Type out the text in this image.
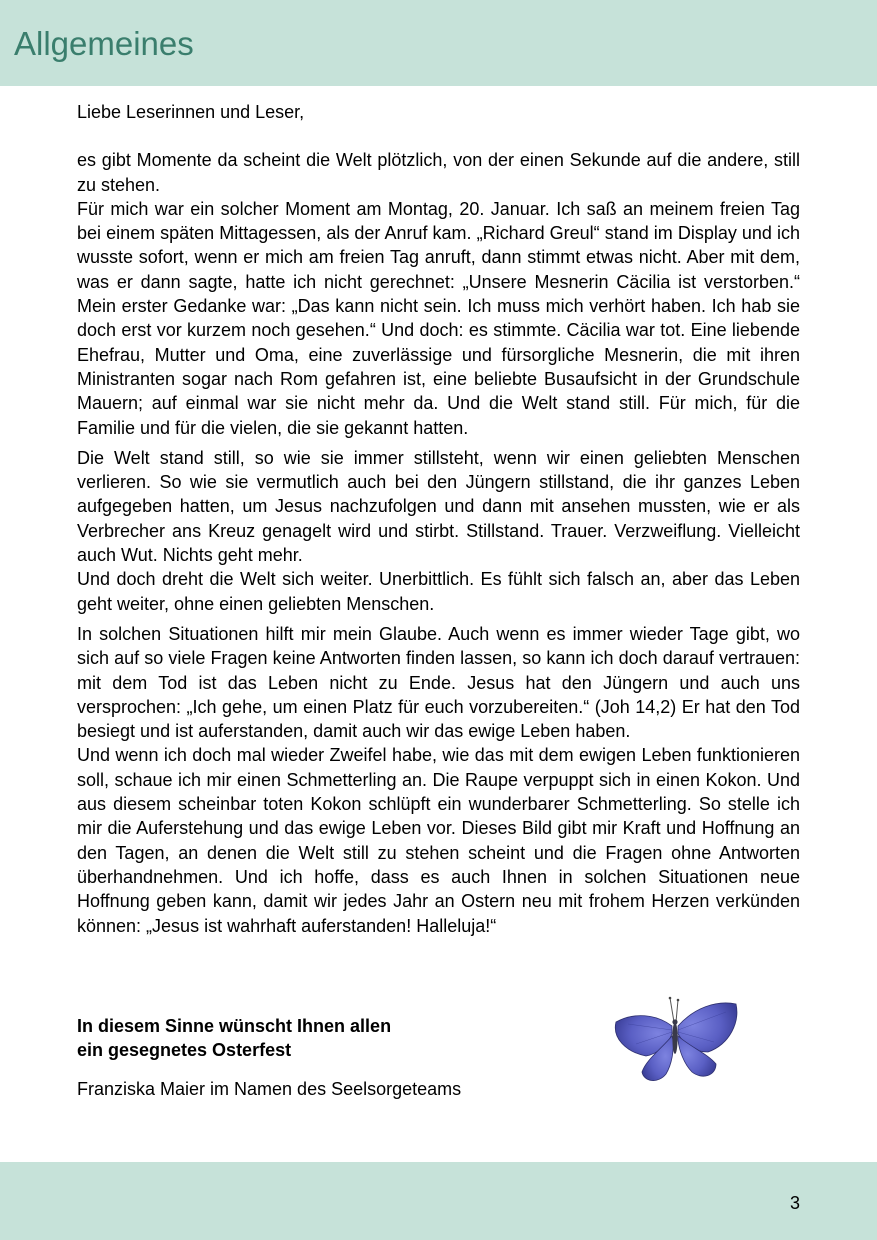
Allgemeines

Liebe Leserinnen und Leser,

es gibt Momente da scheint die Welt plötzlich, von der einen Sekunde auf die andere, still zu stehen.

Für mich war ein solcher Moment am Montag, 20. Januar. Ich saß an meinem freien Tag bei einem späten Mittagessen, als der Anruf kam. „Richard Greul“ stand im Display und ich wusste sofort, wenn er mich am freien Tag anruft, dann stimmt etwas nicht. Aber mit dem, was er dann sagte, hatte ich nicht gerechnet: „Unsere Mesnerin Cäcilia ist verstorben.“ Mein erster Gedanke war: „Das kann nicht sein. Ich muss mich verhört haben. Ich hab sie doch erst vor kurzem noch gesehen.“ Und doch: es stimmte. Cäcilia war tot. Eine liebende Ehefrau, Mutter und Oma, eine zuverlässige und fürsorgliche Mesnerin, die mit ihren Ministranten sogar nach Rom gefahren ist, eine beliebte Busaufsicht in der Grundschule Mauern; auf einmal war sie nicht mehr da. Und die Welt stand still. Für mich, für die Familie und für die vielen, die sie gekannt hatten.

Die Welt stand still, so wie sie immer stillsteht, wenn wir einen geliebten Menschen verlieren. So wie sie vermutlich auch bei den Jüngern stillstand, die ihr ganzes Leben aufgegeben hatten, um Jesus nachzufolgen und dann mit ansehen mussten, wie er als Verbrecher ans Kreuz genagelt wird und stirbt. Stillstand. Trauer. Verzweiflung. Vielleicht auch Wut. Nichts geht mehr.

Und doch dreht die Welt sich weiter. Unerbittlich. Es fühlt sich falsch an, aber das Leben geht weiter, ohne einen geliebten Menschen.

In solchen Situationen hilft mir mein Glaube. Auch wenn es immer wieder Tage gibt, wo sich auf so viele Fragen keine Antworten finden lassen, so kann ich doch darauf vertrauen: mit dem Tod ist das Leben nicht zu Ende. Jesus hat den Jüngern und auch uns versprochen: „Ich gehe, um einen Platz für euch vorzubereiten.“ (Joh 14,2) Er hat den Tod besiegt und ist auferstanden, damit auch wir das ewige Leben haben.

Und wenn ich doch mal wieder Zweifel habe, wie das mit dem ewigen Leben funktionieren soll, schaue ich mir einen Schmetterling an. Die Raupe verpuppt sich in einen Kokon. Und aus diesem scheinbar toten Kokon schlüpft ein wunderbarer Schmetterling. So stelle ich mir die Auferstehung und das ewige Leben vor. Dieses Bild gibt mir Kraft und Hoffnung an den Tagen, an denen die Welt still zu stehen scheint und die Fragen ohne Antworten überhandnehmen. Und ich hoffe, dass es auch Ihnen in solchen Situationen neue Hoffnung geben kann, damit wir jedes Jahr an Ostern neu mit frohem Herzen verkünden können: „Jesus ist wahrhaft auferstanden! Halleluja!“

In diesem Sinne wünscht Ihnen allen
ein gesegnetes Osterfest
Franziska Maier im Namen des Seelsorgeteams
3
